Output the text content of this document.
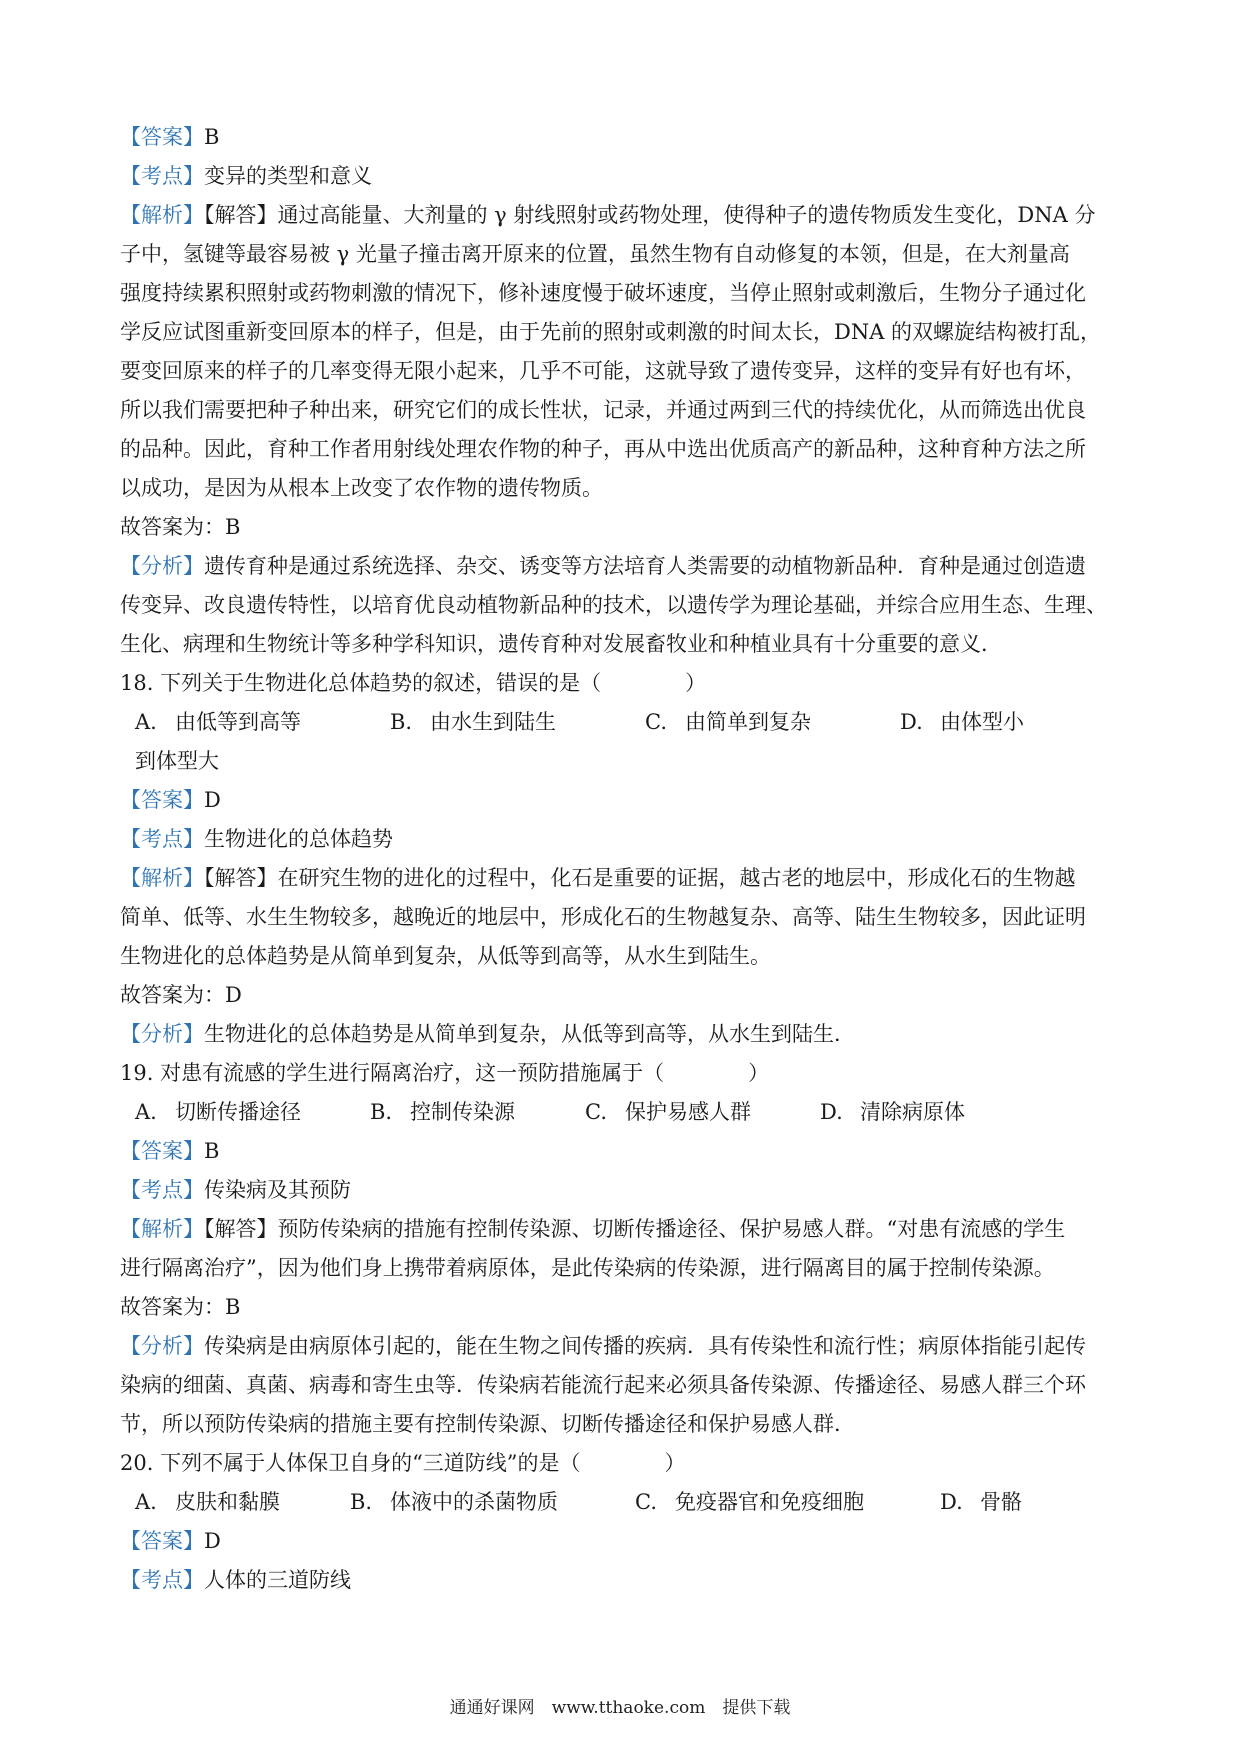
【答案】B
【考点】变异的类型和意义
【解析】【解答】通过高能量、大剂量的 γ 射线照射或药物处理，使得种子的遗传物质发生变化，DNA 分
子中，氢键等最容易被 γ 光量子撞击离开原来的位置，虽然生物有自动修复的本领，但是，在大剂量高
强度持续累积照射或药物刺激的情况下，修补速度慢于破坏速度，当停止照射或刺激后，生物分子通过化
学反应试图重新变回原本的样子，但是，由于先前的照射或刺激的时间太长，DNA 的双螺旋结构被打乱，
要变回原来的样子的几率变得无限小起来，几乎不可能，这就导致了遗传变异，这样的变异有好也有坏，
所以我们需要把种子种出来，研究它们的成长性状，记录，并通过两到三代的持续优化，从而筛选出优良
的品种。因此，育种工作者用射线处理农作物的种子，再从中选出优质高产的新品种，这种育种方法之所
以成功，是因为从根本上改变了农作物的遗传物质。
故答案为：B
【分析】遗传育种是通过系统选择、杂交、诱变等方法培育人类需要的动植物新品种．育种是通过创造遗
传变异、改良遗传特性，以培育优良动植物新品种的技术，以遗传学为理论基础，并综合应用生态、生理、
生化、病理和生物统计等多种学科知识，遗传育种对发展畜牧业和种植业具有十分重要的意义．
18. 下列关于生物进化总体趋势的叙述，错误的是（　　　　）
A. 由低等到高等	B. 由水生到陆生	C. 由简单到复杂	D. 由体型小
到体型大
【答案】D
【考点】生物进化的总体趋势
【解析】【解答】在研究生物的进化的过程中，化石是重要的证据，越古老的地层中，形成化石的生物越
简单、低等、水生生物较多，越晚近的地层中，形成化石的生物越复杂、高等、陆生生物较多，因此证明
生物进化的总体趋势是从简单到复杂，从低等到高等，从水生到陆生。
故答案为：D
【分析】生物进化的总体趋势是从简单到复杂，从低等到高等，从水生到陆生．
19. 对患有流感的学生进行隔离治疗，这一预防措施属于（　　　　）
A. 切断传播途径	B. 控制传染源	C. 保护易感人群	D. 清除病原体
【答案】B
【考点】传染病及其预防
【解析】【解答】预防传染病的措施有控制传染源、切断传播途径、保护易感人群。“对患有流感的学生
进行隔离治疗”，因为他们身上携带着病原体，是此传染病的传染源，进行隔离目的属于控制传染源。
故答案为：B
【分析】传染病是由病原体引起的，能在生物之间传播的疾病．具有传染性和流行性；病原体指能引起传
染病的细菌、真菌、病毒和寄生虫等．传染病若能流行起来必须具备传染源、传播途径、易感人群三个环
节，所以预防传染病的措施主要有控制传染源、切断传播途径和保护易感人群．
20. 下列不属于人体保卫自身的“三道防线”的是（　　　　）
A. 皮肤和黏膜	B. 体液中的杀菌物质	C. 免疫器官和免疫细胞	D. 骨骼
【答案】D
【考点】人体的三道防线
通通好课网　www.tthaoke.com　提供下载
